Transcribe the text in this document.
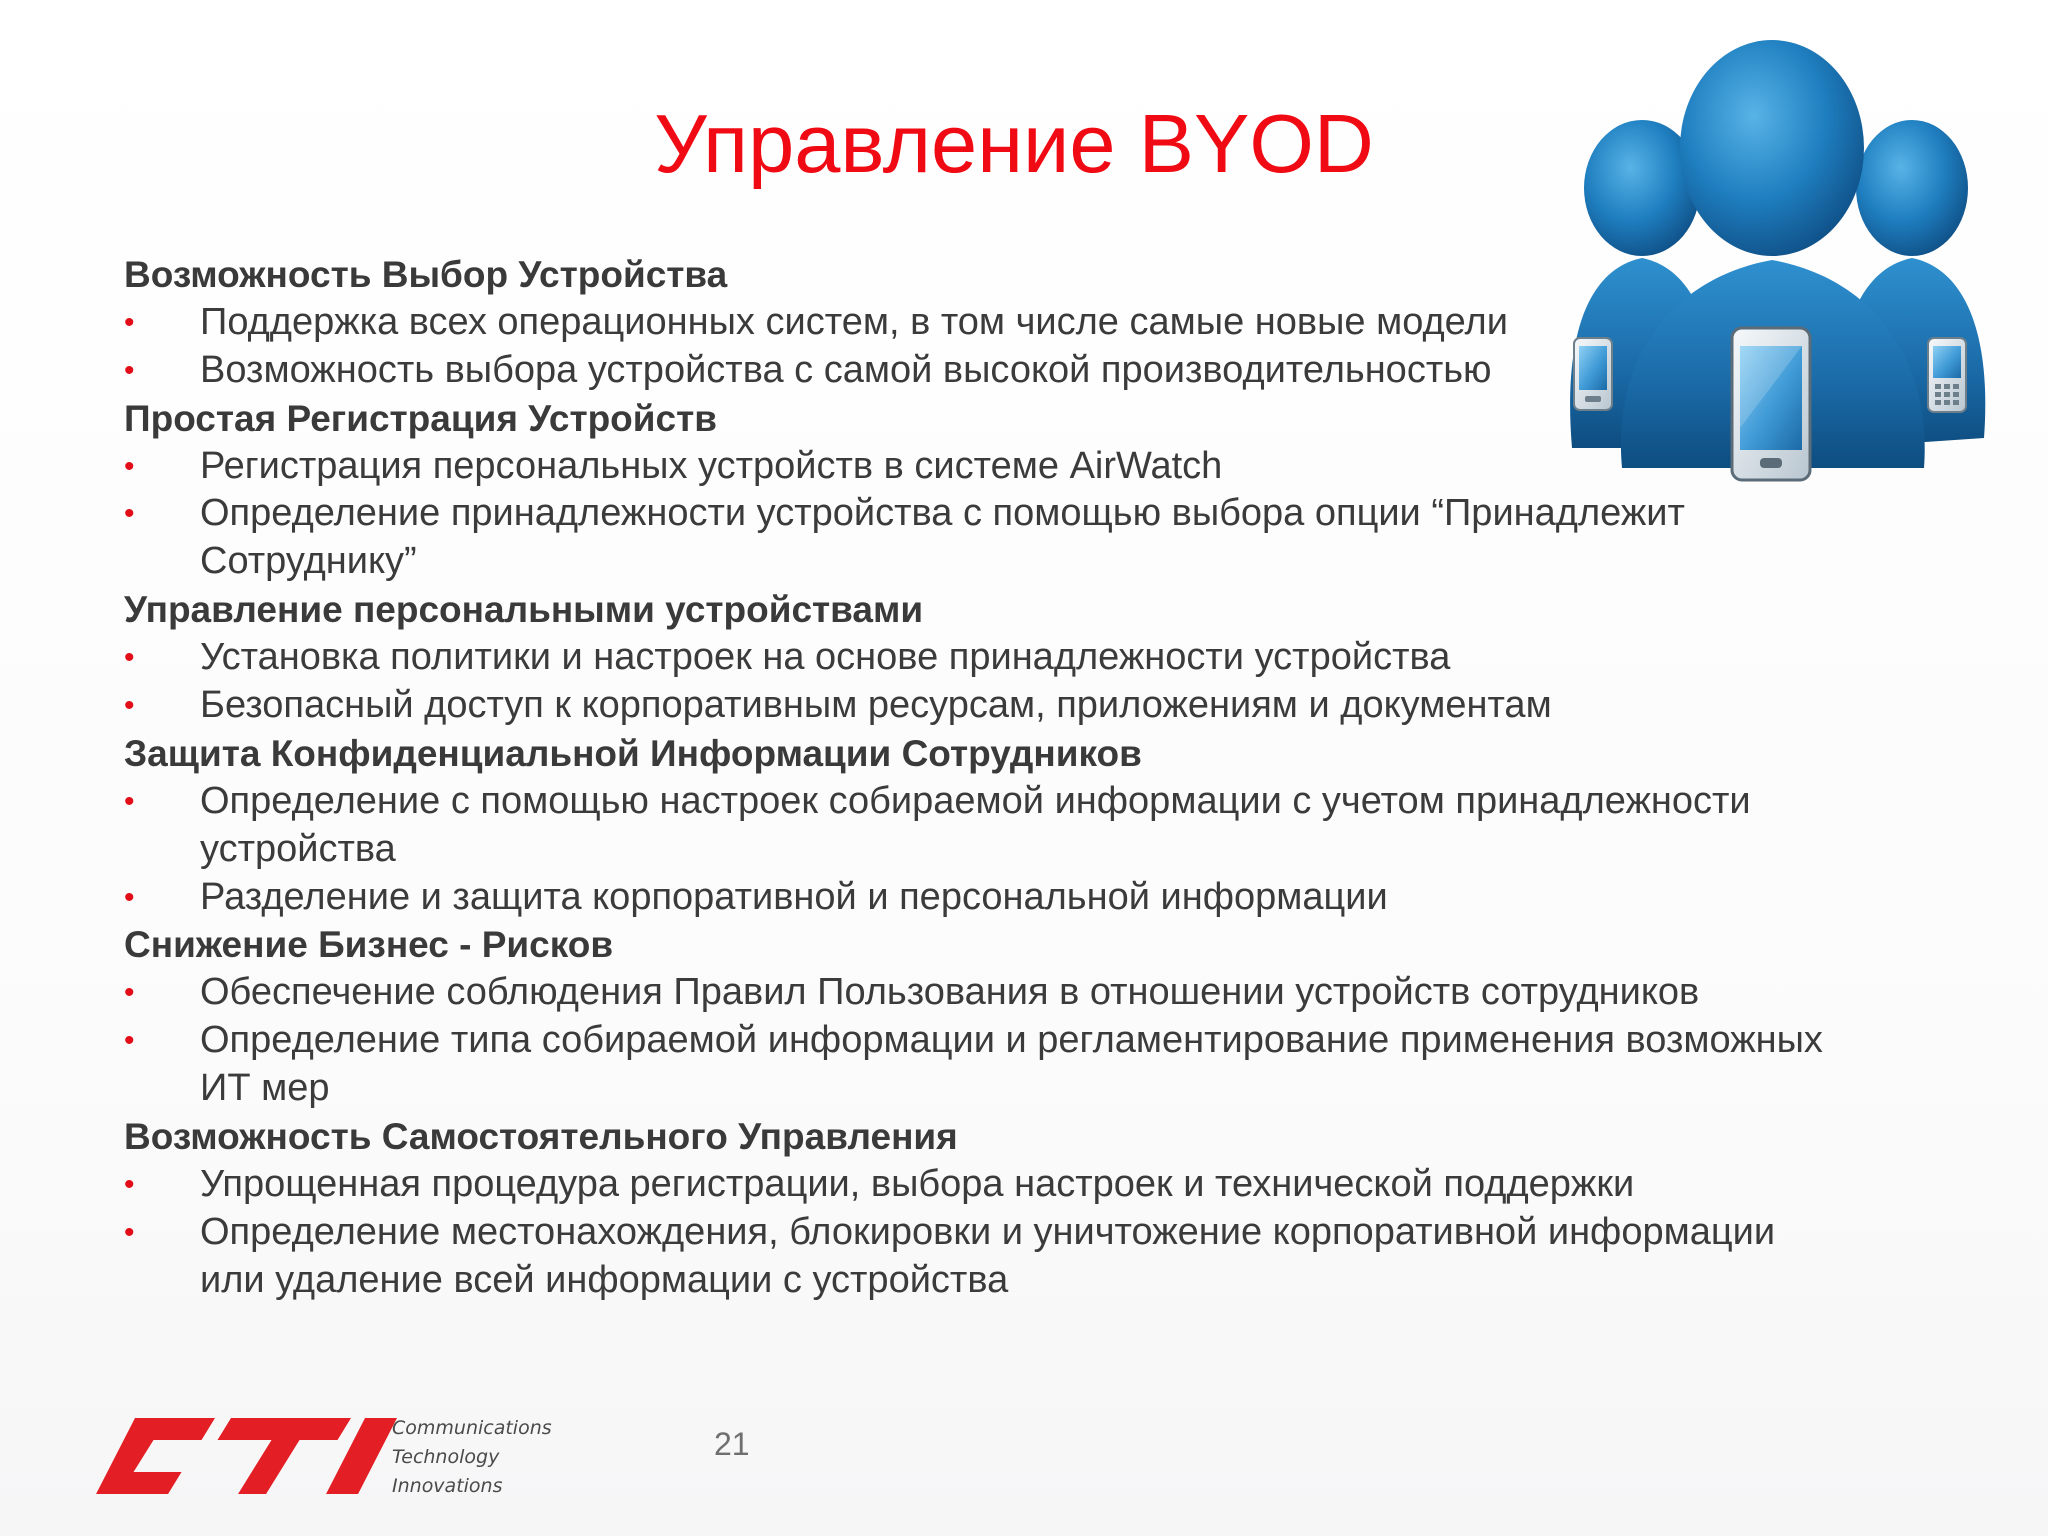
Управление BYOD
Возможность Выбор Устройства
• Поддержка всех операционных систем, в том числе самые новые модели
• Возможность выбора устройства с самой высокой производительностью
Простая Регистрация Устройств
• Регистрация персональных устройств в системе AirWatch
• Определение принадлежности устройства с помощью выбора опции “Принадлежит
Сотруднику”
Управление персональными устройствами
• Установка политики и настроек на основе принадлежности устройства
• Безопасный доступ к корпоративным ресурсам, приложениям и документам
Защита Конфиденциальной Информации Сотрудников
• Определение с помощью настроек собираемой информации с учетом принадлежности
устройства
• Разделение и защита корпоративной и персональной информации
Снижение Бизнес - Рисков
• Обеспечение соблюдения Правил Пользования в отношении устройств сотрудников
• Определение типа собираемой информации и регламентирование применения возможных
ИТ мер
Возможность Самостоятельного Управления
• Упрощенная процедура регистрации, выбора настроек и технической поддержки
• Определение местонахождения, блокировки и уничтожение корпоративной информации
или удаление всей информации с устройства
Communications
Technology
Innovations
21
